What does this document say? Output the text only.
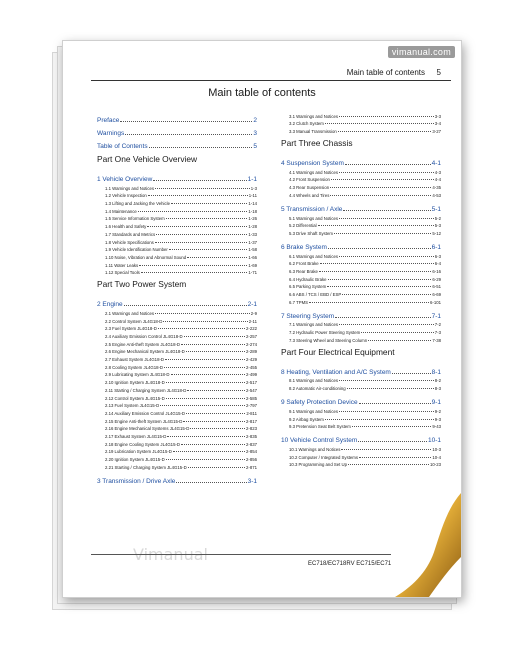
vimanual.com
Main table of contents 5
Main table of contents
Preface	2
Warnings	3
Table of Contents	5
Part One Vehicle Overview
1 Vehicle Overview	1-1
1.1 Warnings and Notices	1-3
1.2 Vehicle Inspection	1-11
1.3 Lifting and Jacking the Vehicle	1-14
1.4 Maintenance	1-18
1.5 Service Information System	1-26
1.6 Health and Safety	1-28
1.7 Standards and Metrics	1-33
1.8 Vehicle Specifications	1-37
1.9 Vehicle Identification Number	1-58
1.10 Noise, Vibration and Abnormal Sound	1-66
1.11 Water Leaks	1-69
1.12 Special Tools	1-71
Part Two Power System
2 Engine	2-1
2.1 Warnings and Notices	2-9
2.2 Control System JL4G18-D	2-11
2.3 Fuel System JL4G18-D	2-222
2.4 Auxiliary Emission Control JL4G18-D	2-257
2.5 Engine Anti-theft System JL4G18-D	2-274
2.6 Engine Mechanical System JL4G18-D	2-289
2.7 Exhaust System JL4G18-D	2-429
2.8 Cooling System JL4G18-D	2-455
2.9 Lubricating System JL4G18-D	2-499
2.10 Ignition System JL4G18-D	2-517
2.11 Starting / Charging System JL4G18-D	2-547
2.12 Control System JL4G15-D	2-585
2.13 Fuel System JL4G15-D	2-797
2.14 Auxiliary Emission Control JL4G15-D	2-811
2.15 Engine Anti-theft System JL4G15-D	2-817
2.16 Engine Mechanical Systems JL4G15-D	2-823
2.17 Exhaust System JL4G15-D	2-835
2.18 Engine Cooling System JL4G15-D	2-837
2.19 Lubrication System JL4G15-D	2-854
2.20 Ignition System JL4G15-D	2-856
2.21 Starting / Charging System JL4G15-D	2-871
3 Transmission / Drive Axle	3-1
3.1 Warnings and Notices	3-3
3.2 Clutch System	3-4
3.3 Manual Transmission	3-27
Part Three Chassis
4 Suspension System	4-1
4.1 Warnings and Notices	4-3
4.2 Front Suspension	4-4
4.3 Rear Suspension	4-35
4.4 Wheels and Tires	4-53
5 Transmission / Axle	5-1
5.1 Warnings and Notices	5-2
5.2 Differential	5-3
5.3 Drive Shaft System	5-12
6 Brake System	6-1
6.1 Warnings and Notices	6-3
6.2 Front Brake	6-4
6.3 Rear Brake	6-16
6.4 Hydraulic Brake	6-29
6.5 Parking System	6-51
6.6 ABS / TCS / EBD / ESP	6-69
6.7 TPMS	6-101
7 Steering System	7-1
7.1 Warnings and Notices	7-2
7.2 Hydraulic Power Steering System	7-3
7.3 Steering Wheel and Steering Column	7-38
Part Four Electrical Equipment
8 Heating, Ventilation and A/C System	8-1
8.1 Warnings and Notices	8-2
8.2 Automatic Air-conditioning	8-3
9 Safety Protection Device	9-1
9.1 Warnings and Notices	9-2
9.2 Airbag System	9-3
9.3 Pretension Seat Belt System	9-43
10 Vehicle Control System	10-1
10.1 Warnings and Notices	10-3
10.2 Computer / Integrated Systems	10-4
10.3 Programming and Set Up	10-23
Vimanual	EC718/EC718RV EC715/EC71
